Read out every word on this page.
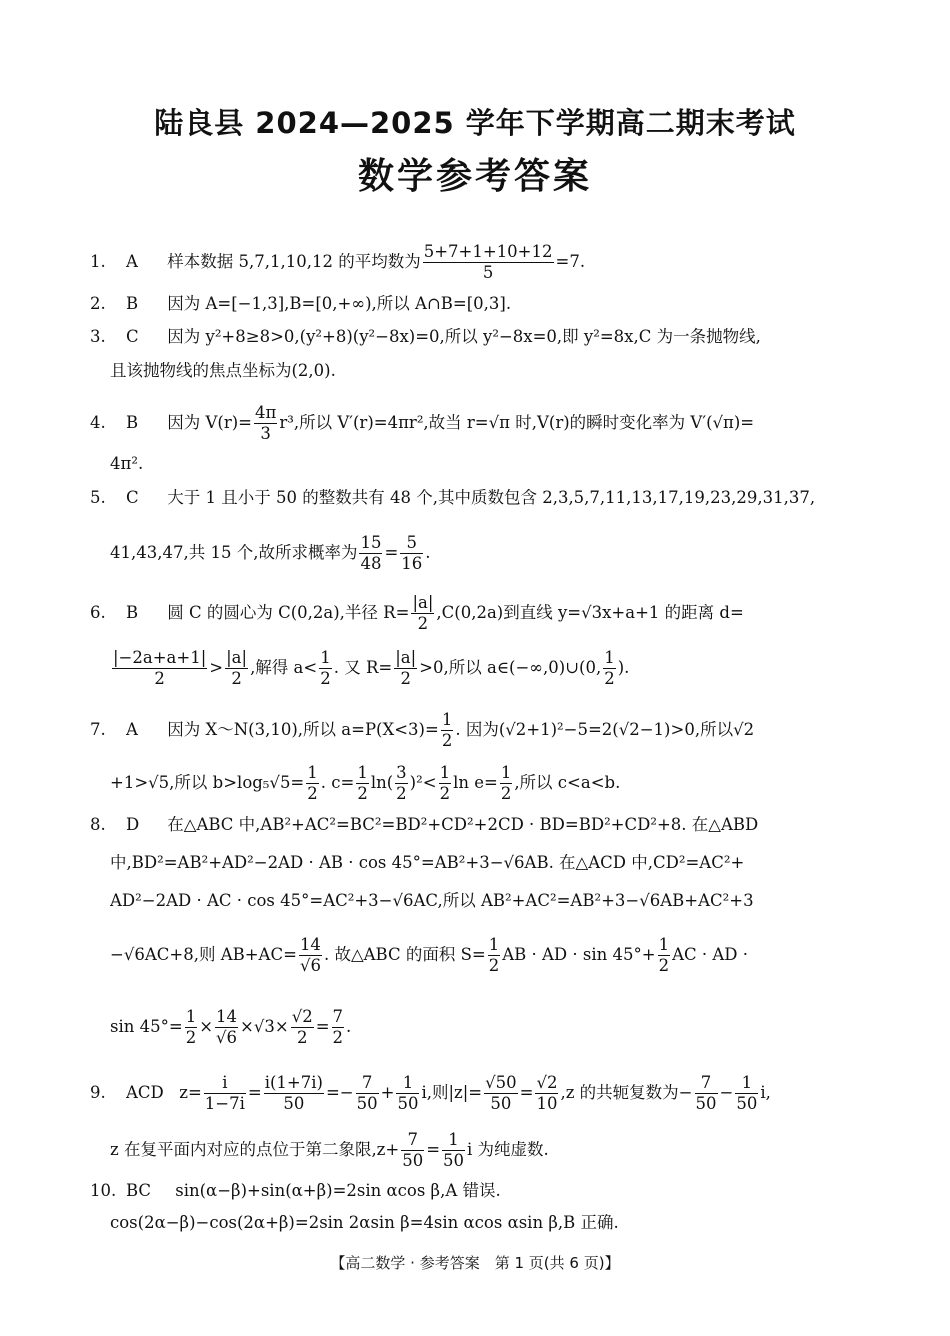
陆良县 2024—2025 学年下学期高二期末考试
数学参考答案
1. A 样本数据 5,7,1,10,12 的平均数为 $\frac{5+7+1+10+12}{5} =7$.
2. B 因为 A=[−1,3],B=[0,+∞),所以 A∩B=[0,3].
3. C 因为 y²+8≥8>0,(y²+8)(y²−8x)=0,所以 y²−8x=0,即 y²=8x,C 为一条抛物线,
且该抛物线的焦点坐标为(2,0).
4. B 因为 $V(r)= \frac{4\pi}{3} r^3$,所以 V′(r)=4πr²,故当 r=√π 时,V(r)的瞬时变化率为 V′(√π)=
4π².
5. C 大于 1 且小于 50 的整数共有 48 个,其中质数包含 2,3,5,7,11,13,17,19,23,29,31,37,
41,43,47,共 15 个,故所求概率为 $\frac{15}{48} = \frac{5}{16}$ .
6. B 圆 C 的圆心为 C(0,2a),半径 $R= \frac{|a|}{2} ,C(0,2a)$到直线 y=√3x+a+1 的距离 d=
$\frac{|-2a+a+1|}{2} > \frac{|a|}{2}$ ,解得 $a< \frac{1}{2}$ . 又 $R= \frac{|a|}{2} >0$,所以 a∈(−∞,0)∪(0, $\frac{1}{2}$ ).
7. A 因为 X～N(3,10),所以 $a=P(X<3)= \frac{1}{2}$ . 因为(√2+1)²−5=2(√2−1)>0,所以√2
+1>√5,所以 $b>\log_5√5= \frac{1}{2}$ . $c= \frac{1}{2} \ln( \frac{3}{2} )^2< \frac{1}{2}$ $\ln e= \frac{1}{2}$ ,所以 c<a<b.
8. D 在△ABC 中,AB²+AC²=BC²=BD²+CD²+2CD · BD=BD²+CD²+8. 在△ABD
中,BD²=AB²+AD²−2AD · AB · cos 45°=AB²+3−√6AB. 在△ACD 中,CD²=AC²+
AD²−2AD · AC · cos 45°=AC²+3−√6AC,所以 AB²+AC²=AB²+3−√6AB+AC²+3
−√6AC+8,则 $AB+AC= \frac{14}{√6}$ . 故△ABC 的面积 $S= \frac{1}{2}$ AB · AD · $\sin 45^\circ+ \frac{1}{2}$ AC · AD ·
$\sin 45^\circ= \frac{1}{2} \times \frac{14}{√6} \times√3\times \frac{√2}{2} = \frac{7}{2}$ .
9. ACD $z= \frac{i}{1-7i} = \frac{i(1+7i)}{50} =- \frac{7}{50} + \frac{1}{50} i$,则$|z|= \frac{√50}{50} = \frac{√2}{10} ,z$ 的共轭复数为− $\frac{7}{50} - \frac{1}{50} i$,
z 在复平面内对应的点位于第二象限$,z+ \frac{7}{50} = \frac{1}{50}$ i 为纯虚数.
10. BC sin(α−β)+sin(α+β)=2sin αcos β,A 错误.
cos(2α−β)−cos(2α+β)=2sin 2αsin β=4sin αcos αsin β,B 正确.
【高二数学 · 参考答案　第 1 页(共 6 页)】
